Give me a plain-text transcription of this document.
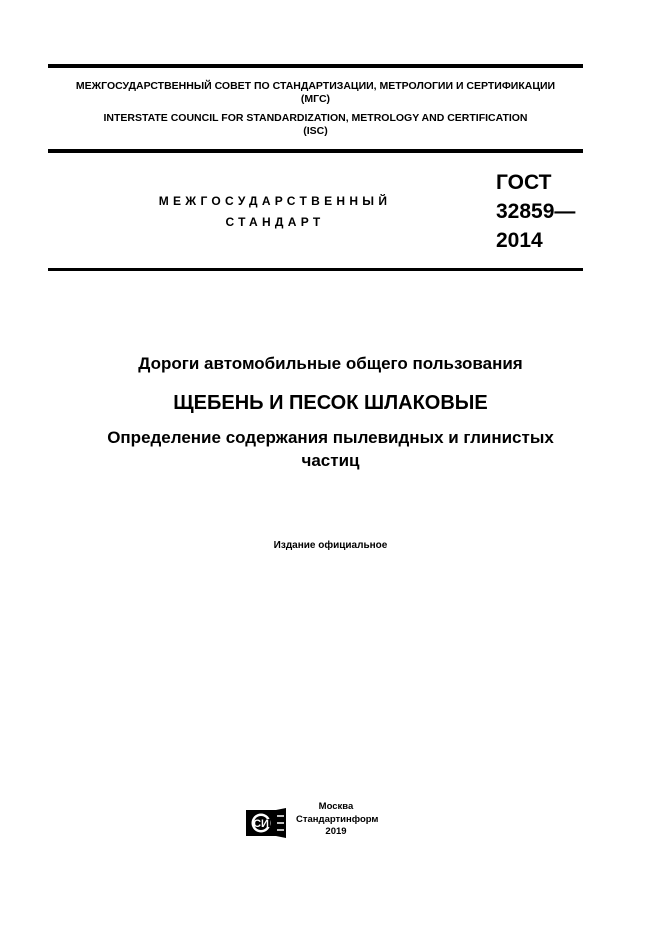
МЕЖГОСУДАРСТВЕННЫЙ СОВЕТ ПО СТАНДАРТИЗАЦИИ, МЕТРОЛОГИИ И СЕРТИФИКАЦИИ
(МГС)
INTERSTATE COUNCIL FOR STANDARDIZATION, METROLOGY AND CERTIFICATION
(ISC)
МЕЖГОСУДАРСТВЕННЫЙ
СТАНДАРТ
ГОСТ
32859—
2014
Дороги автомобильные общего пользования
ЩЕБЕНЬ И ПЕСОК ШЛАКОВЫЕ
Определение содержания пылевидных и глинистых
частиц
Издание официальное
СИ
Москва
Стандартинформ
2019
